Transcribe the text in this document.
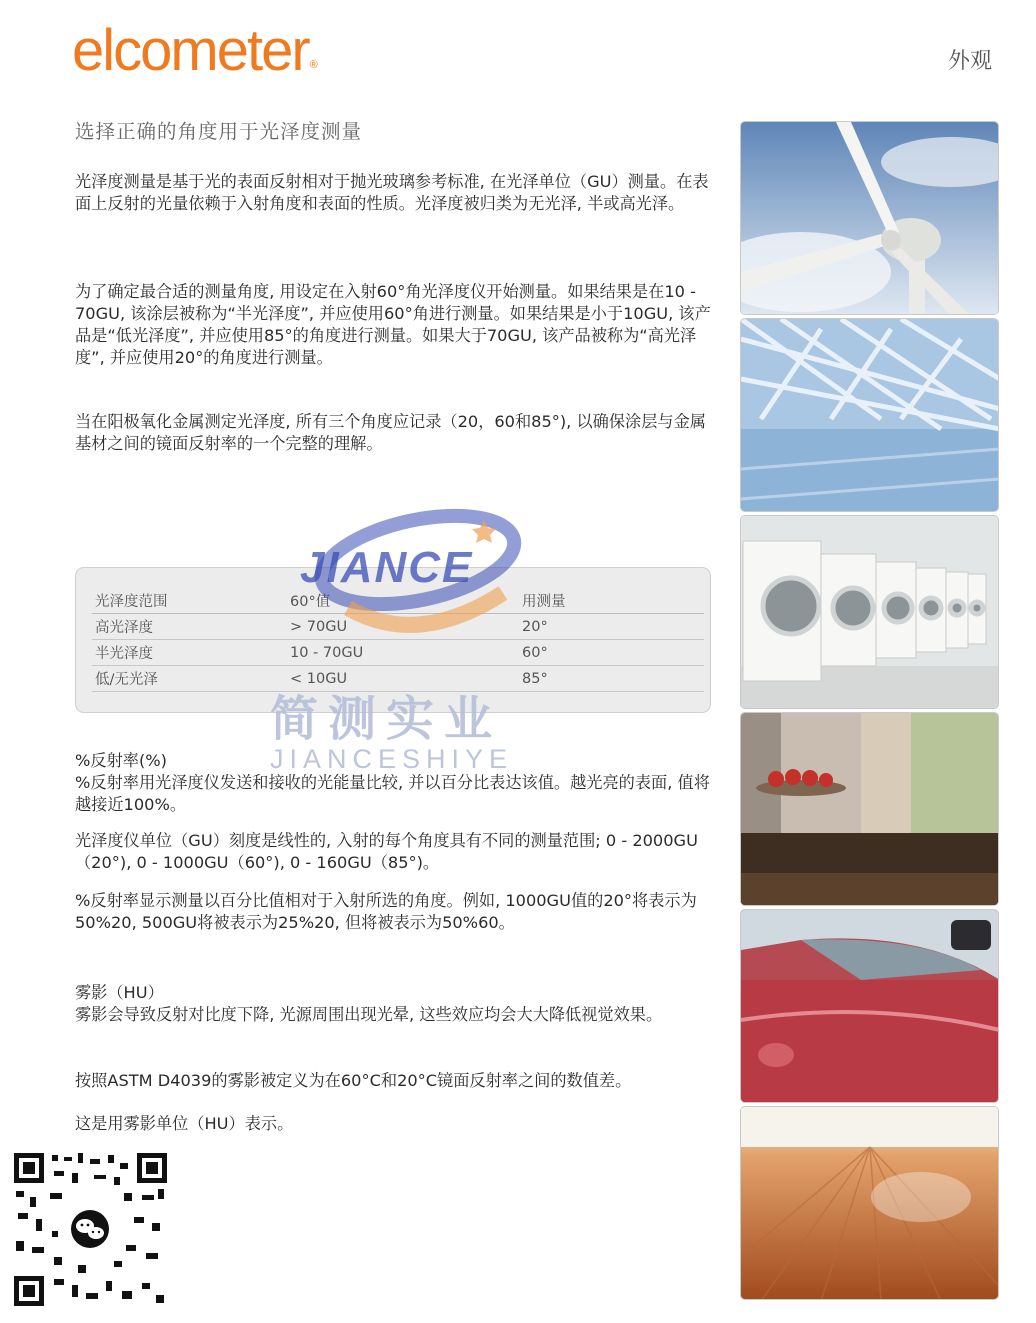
elcometer®	外观
选择正确的角度用于光泽度测量
光泽度测量是基于光的表面反射相对于抛光玻璃参考标准, 在光泽单位（GU）测量。在表面上反射的光量依赖于入射角度和表面的性质。光泽度被归类为无光泽, 半或高光泽。
为了确定最合适的测量角度, 用设定在入射60°角光泽度仪开始测量。如果结果是在10 - 70GU, 该涂层被称为“半光泽度”, 并应使用60°角进行测量。如果结果是小于10GU, 该产品是“低光泽度”, 并应使用85°的角度进行测量。如果大于70GU, 该产品被称为“高光泽度”, 并应使用20°的角度进行测量。
当在阳极氧化金属测定光泽度, 所有三个角度应记录（20，60和85°), 以确保涂层与金属基材之间的镜面反射率的一个完整的理解。
光泽度范围	60°值	用测量
高光泽度	> 70GU	20°
半光泽度	10 - 70GU	60°
低/无光泽	< 10GU	85°
JIANCE
简测实业
JIANCESHIYE
%反射率(%)
%反射率用光泽度仪发送和接收的光能量比较, 并以百分比表达该值。越光亮的表面, 值将越接近100%。
光泽度仪单位（GU）刻度是线性的, 入射的每个角度具有不同的测量范围; 0 - 2000GU（20°), 0 - 1000GU（60°), 0 - 160GU（85°)。
%反射率显示测量以百分比值相对于入射所选的角度。例如, 1000GU值的20°将表示为50%20, 500GU将被表示为25%20, 但将被表示为50%60。
雾影（HU）
雾影会导致反射对比度下降, 光源周围出现光晕, 这些效应均会大大降低视觉效果。
按照ASTM D4039的雾影被定义为在60°C和20°C镜面反射率之间的数值差。
这是用雾影单位（HU）表示。
